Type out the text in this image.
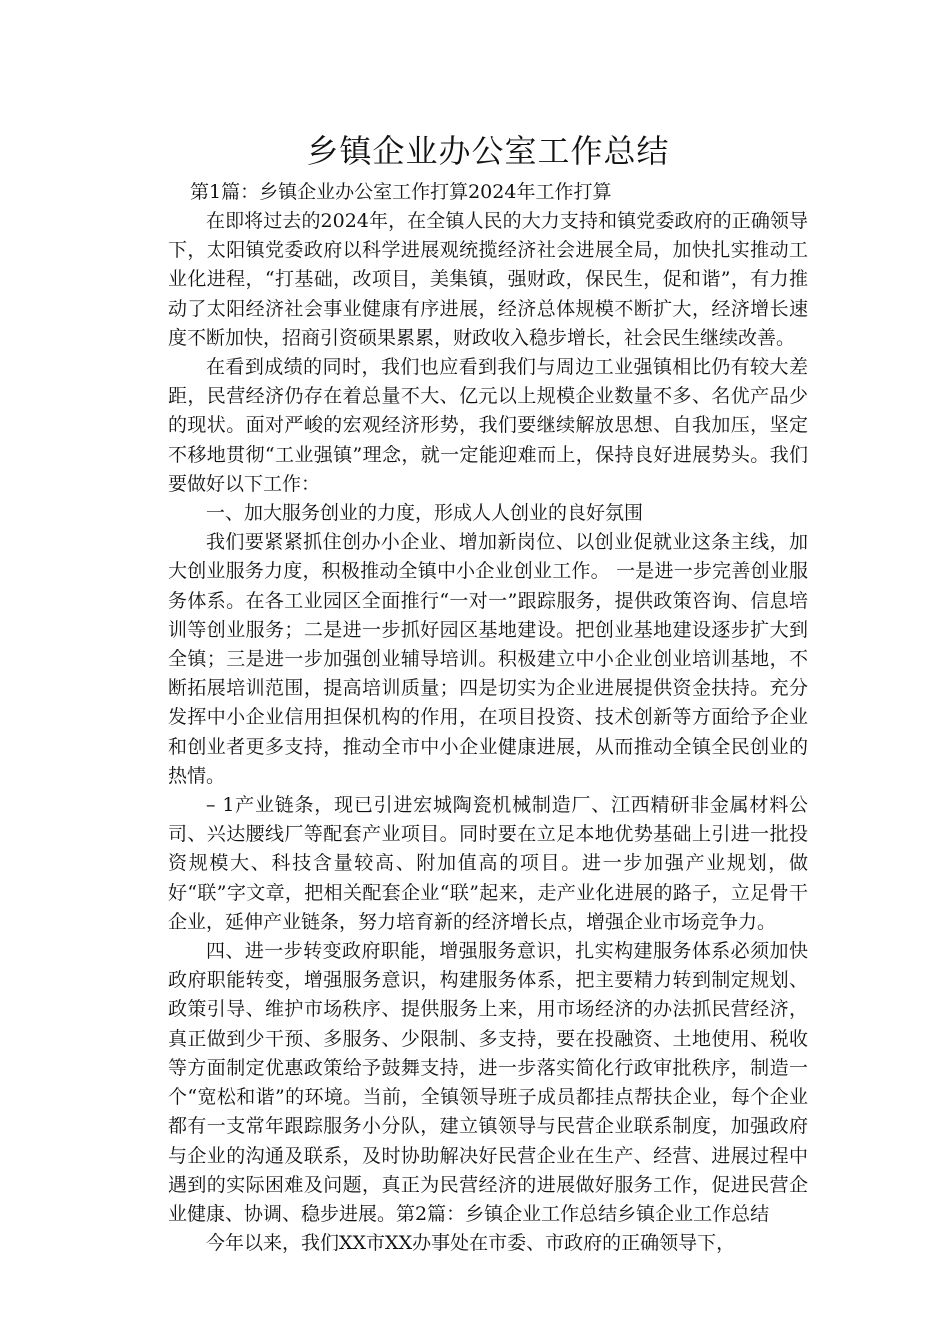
乡镇企业办公室工作总结

第1篇：乡镇企业办公室工作打算2024年工作打算

在即将过去的2024年，在全镇人民的大力支持和镇党委政府的正确领导下，太阳镇党委政府以科学进展观统揽经济社会进展全局，加快扎实推动工业化进程，“打基础，改项目，美集镇，强财政，保民生，促和谐”，有力推动了太阳经济社会事业健康有序进展，经济总体规模不断扩大，经济增长速度不断加快，招商引资硕果累累，财政收入稳步增长，社会民生继续改善。

在看到成绩的同时，我们也应看到我们与周边工业强镇相比仍有较大差距，民营经济仍存在着总量不大、亿元以上规模企业数量不多、名优产品少的现状。面对严峻的宏观经济形势，我们要继续解放思想、自我加压，坚定不移地贯彻“工业强镇”理念，就一定能迎难而上，保持良好进展势头。我们要做好以下工作：

一、加大服务创业的力度，形成人人创业的良好氛围

我们要紧紧抓住创办小企业、增加新岗位、以创业促就业这条主线，加大创业服务力度，积极推动全镇中小企业创业工作。 一是进一步完善创业服务体系。在各工业园区全面推行“一对一”跟踪服务，提供政策咨询、信息培训等创业服务；二是进一步抓好园区基地建设。把创业基地建设逐步扩大到全镇；三是进一步加强创业辅导培训。积极建立中小企业创业培训基地，不断拓展培训范围，提高培训质量；四是切实为企业进展提供资金扶持。充分发挥中小企业信用担保机构的作用，在项目投资、技术创新等方面给予企业和创业者更多支持，推动全市中小企业健康进展，从而推动全镇全民创业的热情。

– 1产业链条，现已引进宏城陶瓷机械制造厂、江西精研非金属材料公司、兴达腰线厂等配套产业项目。同时要在立足本地优势基础上引进一批投资规模大、科技含量较高、附加值高的项目。进一步加强产业规划，做好“联”字文章，把相关配套企业“联”起来，走产业化进展的路子，立足骨干企业，延伸产业链条，努力培育新的经济增长点，增强企业市场竞争力。

四、进一步转变政府职能，增强服务意识，扎实构建服务体系必须加快政府职能转变，增强服务意识，构建服务体系，把主要精力转到制定规划、政策引导、维护市场秩序、提供服务上来，用市场经济的办法抓民营经济，真正做到少干预、多服务、少限制、多支持，要在投融资、土地使用、税收等方面制定优惠政策给予鼓舞支持，进一步落实简化行政审批秩序，制造一个“宽松和谐”的环境。当前，全镇领导班子成员都挂点帮扶企业，每个企业都有一支常年跟踪服务小分队，建立镇领导与民营企业联系制度，加强政府与企业的沟通及联系，及时协助解决好民营企业在生产、经营、进展过程中遇到的实际困难及问题，真正为民营经济的进展做好服务工作，促进民营企业健康、协调、稳步进展。第2篇：乡镇企业工作总结乡镇企业工作总结

今年以来，我们XX市XX办事处在市委、市政府的正确领导下，
